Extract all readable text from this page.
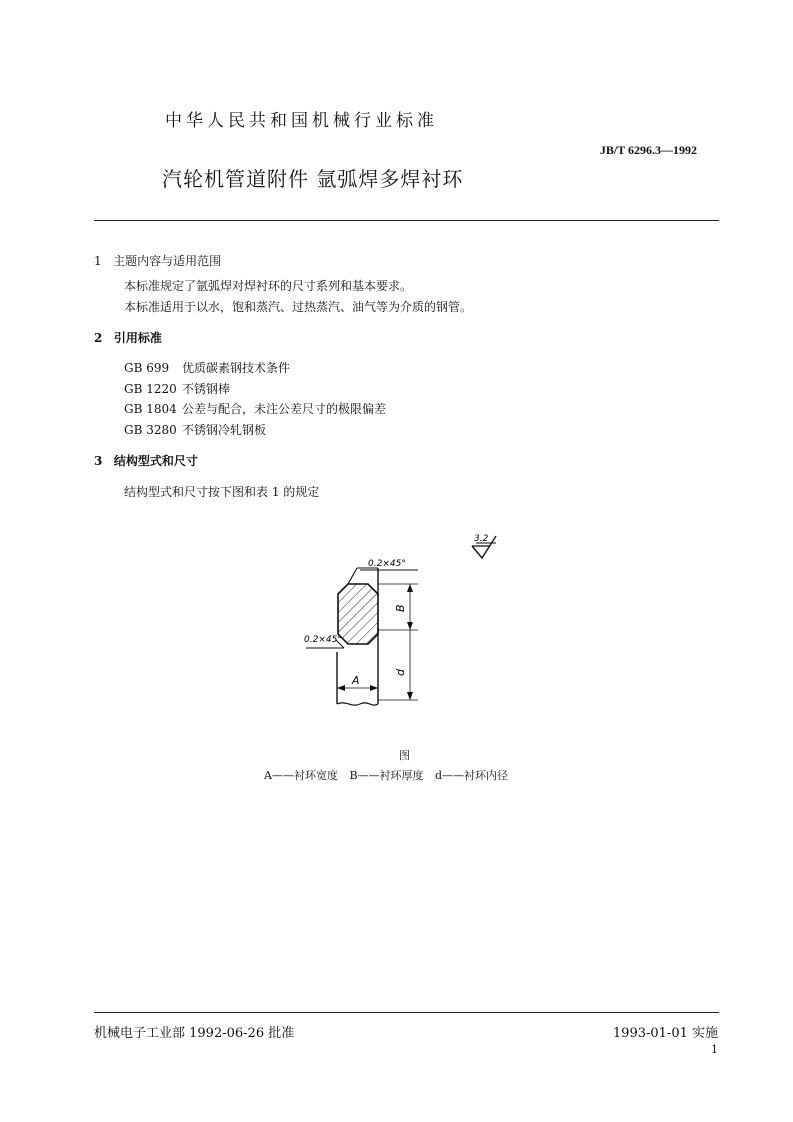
中华人民共和国机械行业标准
JB/T 6296.3—1992
汽轮机管道附件 氩弧焊多焊衬环
1 主题内容与适用范围
本标准规定了氩弧焊对焊衬环的尺寸系列和基本要求。
本标准适用于以水，饱和蒸汽、过热蒸汽、油气等为介质的钢管。
2 引用标准
GB 699 优质碳素钢技术条件
GB 1220 不锈钢棒
GB 1804 公差与配合，未注公差尺寸的极限偏差
GB 3280 不锈钢冷轧钢板
3 结构型式和尺寸
结构型式和尺寸按下图和表 1 的规定
3.2
0.2×45°
0.2×45°
B
d
A
图
A——衬环宽度 B——衬环厚度 d——衬环内径
机械电子工业部 1992-06-26 批准	1993-01-01 实施
1
